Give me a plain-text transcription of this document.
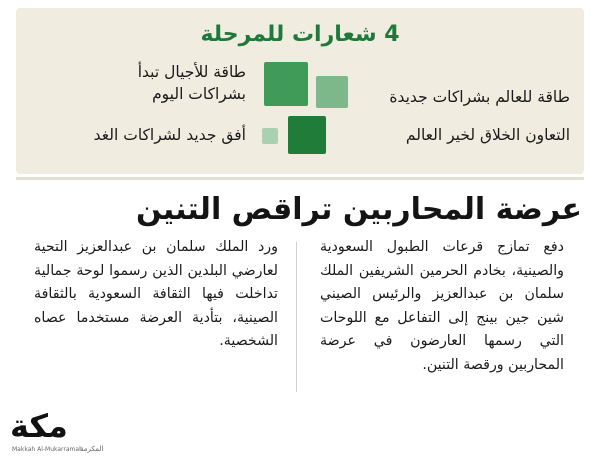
4 شعارات للمرحلة
طاقة للأجيال تبدأ
بشراكات اليوم	طاقة للعالم بشراكات جديدة
التعاون الخلاق لخير العالم
أفق جديد لشراكات الغد
عرضة المحاربين تراقص التنين

دفع تمازج قرعات الطبول السعودية والصينية، بخادم الحرمين الشريفين الملك سلمان بن عبدالعزيز والرئيس الصيني شين جين بينج إلى التفاعل مع اللوحات التي رسمها العارضون في عرضة المحاربين ورقصة التنين.

ورد الملك سلمان بن عبدالعزيز التحية لعارضي البلدين الذين رسموا لوحة جمالية تداخلت فيها الثقافة السعودية بالثقافة الصينية، بتأدية العرضة مستخدما عصاه الشخصية.

مكة
Makkah Al-Mukarramah
المكرمة
